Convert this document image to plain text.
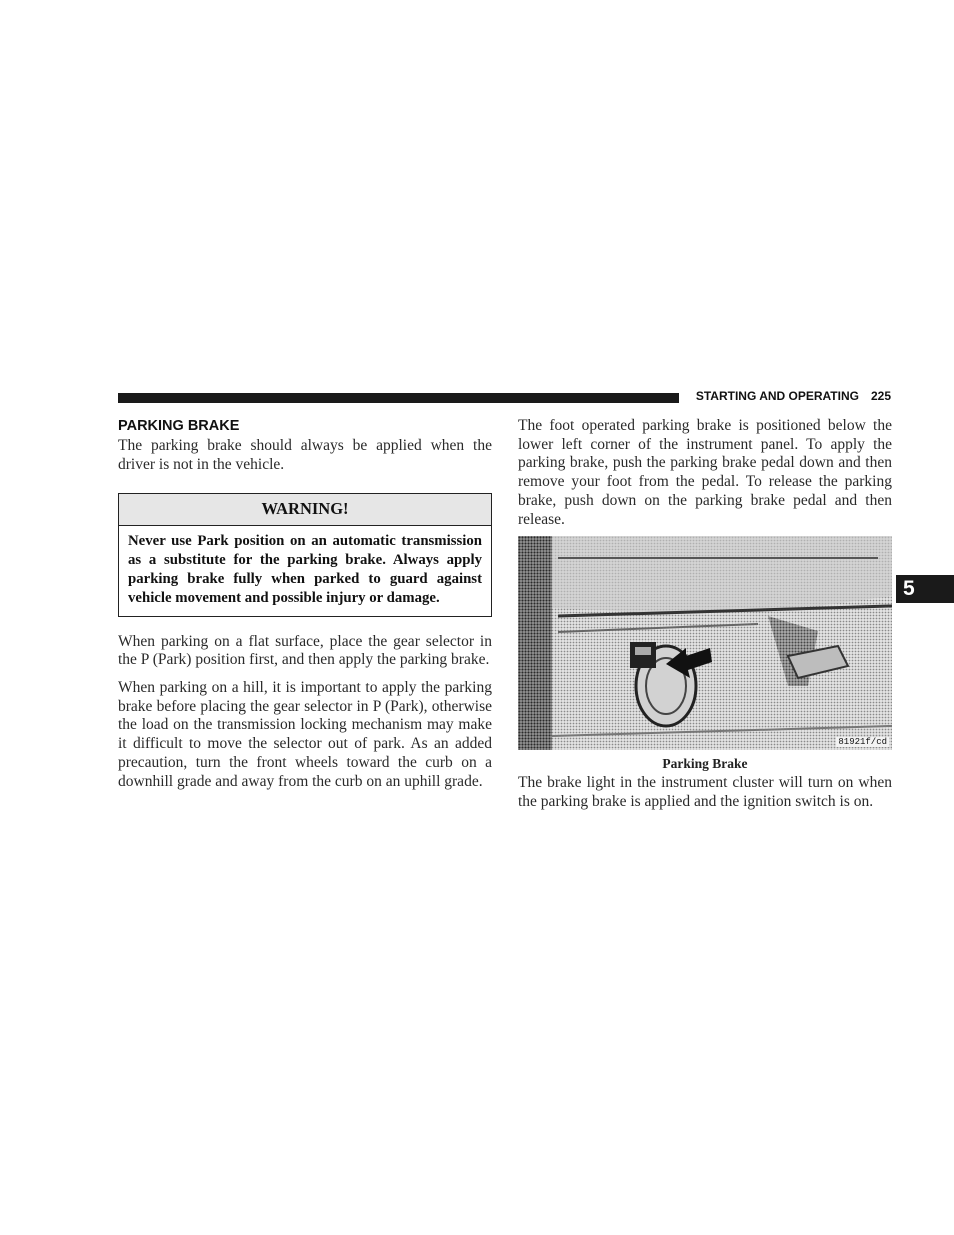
STARTING AND OPERATING 225
5
PARKING BRAKE

The parking brake should always be applied when the driver is not in the vehicle.

WARNING!
Never use Park position on an automatic transmission as a substitute for the parking brake. Always apply parking brake fully when parked to guard against vehicle movement and possible injury or damage.

When parking on a flat surface, place the gear selector in the P (Park) position first, and then apply the parking brake.

When parking on a hill, it is important to apply the parking brake before placing the gear selector in P (Park), otherwise the load on the transmission locking mechanism may make it difficult to move the selector out of park. As an added precaution, turn the front wheels toward the curb on a downhill grade and away from the curb on an uphill grade.

The foot operated parking brake is positioned below the lower left corner of the instrument panel. To apply the parking brake, push the parking brake pedal down and then remove your foot from the pedal. To release the parking brake, push down on the parking brake pedal and then release.

81921f/cd
Parking Brake

The brake light in the instrument cluster will turn on when the parking brake is applied and the ignition switch is on.
